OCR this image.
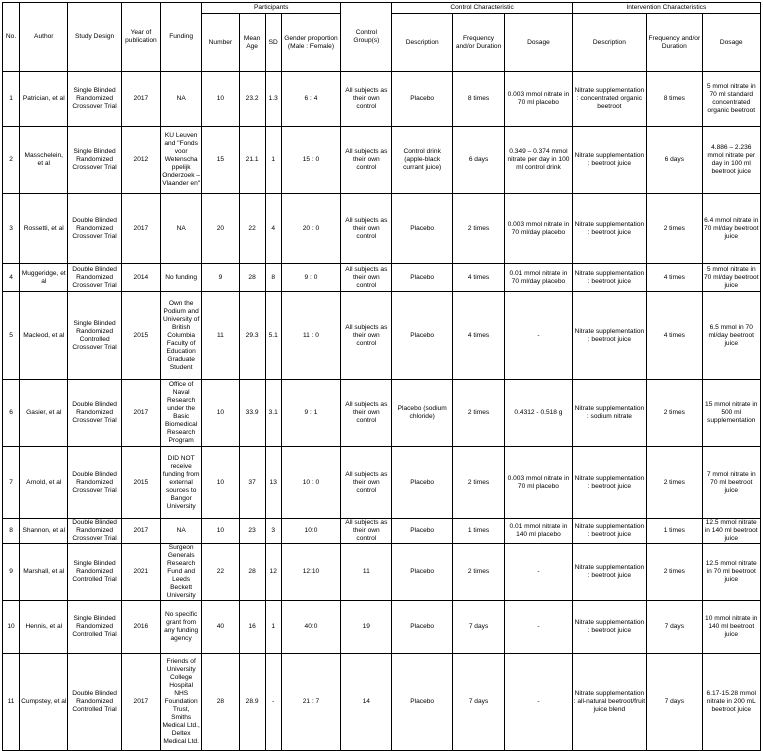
No.	Author	Study Design	Year of publication	Funding	Participants				Control Group(s)	Control Characteristic			Intervention Characteristics		
					Number	Mean Age	SD	Gender proportion (Male : Female)		Description	Frequency and/or Duration	Dosage	Description	Frequency and/or Duration	Dosage
1	Patrician, et al	Single Blinded Randomized Crossover Trial	2017	NA	10	23.2	1.3	6 : 4	All subjects as their own control	Placebo	8 times	0.003 mmol nitrate in 70 ml placebo	Nitrate supplementation : concentrated organic beetroot	8 times	5 mmol nitrate in 70 ml standard concentrated organic beetroot
2	Masschelein, et al	Single Blinded Randomized Crossover Trial	2012	KU Leuven and "Fonds voor Wetenscha ppelijk Onderzoek –Vlaander en"	15	21.1	1	15 : 0	All subjects as their own control	Control drink (apple-black currant juice)	6 days	0.349 – 0.374 mmol nitrate per day in 100 ml control drink	Nitrate supplementation : beetroot juice	6 days	4.886 – 2.236 mmol nitrate per day in 100 ml beetroot juice
3	Rossetti, et al	Double Blinded Randomized Crossover Trial	2017	NA	20	22	4	20 : 0	All subjects as their own control	Placebo	2 times	0.003 mmol nitrate in 70 ml/day placebo	Nitrate supplementation : beetroot juice	2 times	6.4 mmol nitrate in 70 ml/day beetroot juice
4	Muggeridge, et al	Double Blinded Randomized Crossover Trial	2014	No funding	9	28	8	9 : 0	All subjects as their own control	Placebo	4 times	0.01 mmol nitrate in 70 ml/day placebo	Nitrate supplementation : beetroot juice	4 times	5 mmol nitrate in 70 ml/day beetroot juice
5	Macleod, et al	Single Blinded Randomized Controlled Crossover Trial	2015	Own the Podium and University of British Columbia Faculty of Education Graduate Student	11	29.3	5.1	11 : 0	All subjects as their own control	Placebo	4 times	-	Nitrate supplementation : beetroot juice	4 times	6.5 mmol in 70 ml/day beetroot juice
6	Gasier, et al	Double Blinded Randomized Crossover Trial	2017	Office of Naval Research under the Basic Biomedical Research Program	10	33.9	3.1	9 : 1	All subjects as their own control	Placebo (sodium chloride)	2 times	0.4312 - 0.518 g	Nitrate supplementation : sodium nitrate	2 times	15 mmol nitrate in 500 ml supplementation
7	Arnold, et al	Double Blinded Randomized Crossover Trial	2015	DID NOT receive funding from external sources to Bangor University	10	37	13	10 : 0	All subjects as their own control	Placebo	2 times	0.003 mmol nitrate in 70 ml placebo	Nitrate supplementation : beetroot juice	2 times	7 mmol nitrate in 70 ml beetroot juice
8	Shannon, et al	Double Blinded Randomized Crossover Trial	2017	NA	10	23	3	10:0	All subjects as their own control	Placebo	1 times	0.01 mmol nitrate in 140 ml placebo	Nitrate supplementation : beetroot juice	1 times	12.5 mmol nitrate in 140 ml beetroot juice
9	Marshall, et al	Single Blinded Randomized Controlled Trial	2021	Surgeon Generals Research Fund and Leeds Beckett University	22	28	12	12:10	11	Placebo	2 times	-	Nitrate supplementation : beetroot juice	2 times	12.5 mmol nitrate in 70 ml beetroot juice
10	Hennis, et al	Single Blinded Randomized Controlled Trial	2016	No specific grant from any funding agency	40	16	1	40:0	19	Placebo	7 days	-	Nitrate supplementation : beetroot juice	7 days	10 mmol nitrate in 140 ml beetroot juice
11	Cumpstey, et al	Double Blinded Randomized Controlled Trial	2017	Friends of University College Hospital NHS Foundation Trust, Smiths Medical Ltd., Deltex Medical Ltd.	28	28.9	-	21 : 7	14	Placebo	7 days	-	Nitrate supplementation : all-natural beetroot/fruit juice blend	7 days	6.17-15.28 mmol nitrate in 200 mL beetroot juice
